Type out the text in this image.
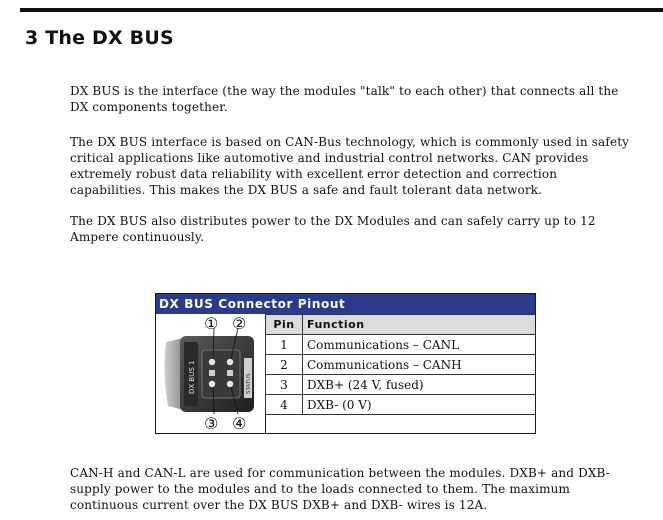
3 The DX BUS

DX BUS is the interface (the way the modules "talk" to each other) that connects all the DX components together.

The DX BUS interface is based on CAN-Bus technology, which is commonly used in safety critical applications like automotive and industrial control networks. CAN provides extremely robust data reliability with excellent error detection and correction capabilities. This makes the DX BUS a safe and fault tolerant data network.

The DX BUS also distributes power to the DX Modules and can safely carry up to 12 Ampere continuously.

DX BUS Connector Pinout
DX BUS 1	STATUS
① ②
③ ④
Pin	Function
1	Communications – CANL
2	Communications – CANH
3	DXB+ (24 V, fused)
4	DXB- (0 V)

CAN-H and CAN-L are used for communication between the modules. DXB+ and DXB- supply power to the modules and to the loads connected to them. The maximum continuous current over the DX BUS DXB+ and DXB- wires is 12A.
